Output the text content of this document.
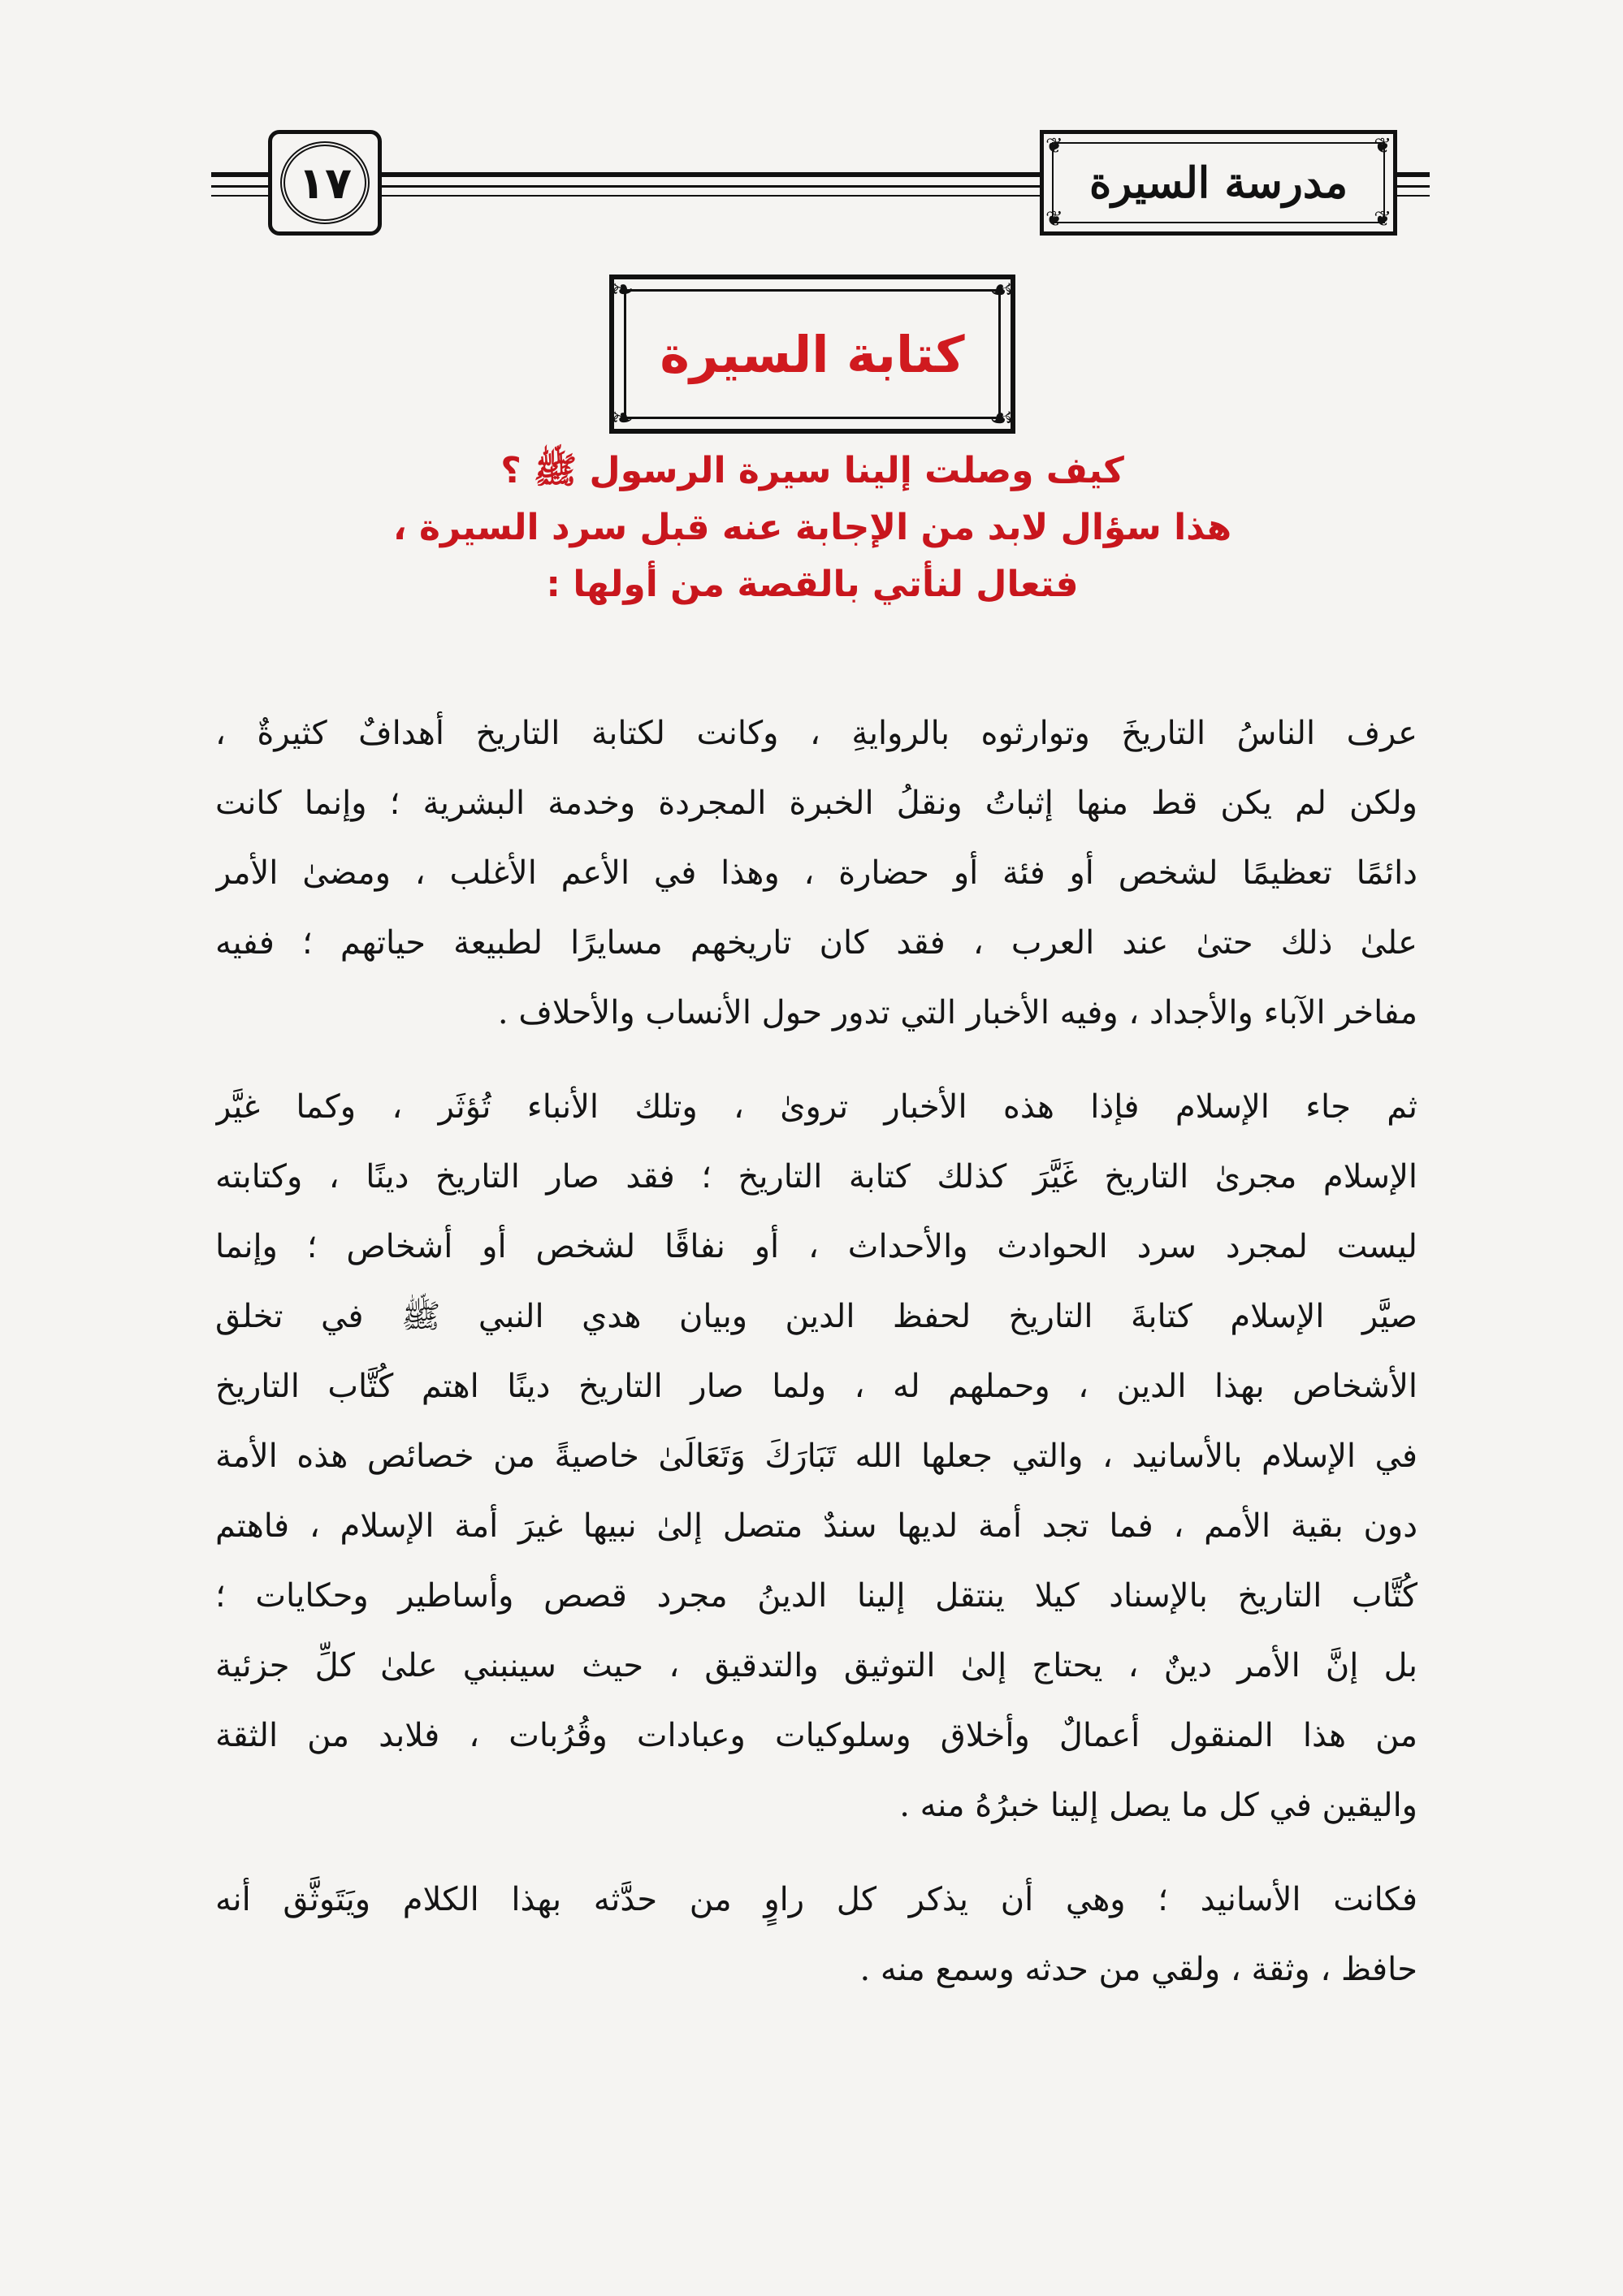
١٧
❦	❦
❦	❦
مدرسة السيرة
❧	☙
❧	☙
كتابة السيرة
كيف وصلت إلينا سيرة الرسول ﷺ ؟
هذا سؤال لابد من الإجابة عنه قبل سرد السيرة ،
فتعال لنأتي بالقصة من أولها :
عرف الناسُ التاريخَ وتوارثوه بالروايةِ ، وكانت لكتابة التاريخ أهدافٌ كثيرةٌ ،
ولكن لم يكن قط منها إثباتُ ونقلُ الخبرة المجردة وخدمة البشرية ؛ وإنما كانت
دائمًا تعظيمًا لشخص أو فئة أو حضارة ، وهذا في الأعم الأغلب ، ومضىٰ الأمر
علىٰ ذلك حتىٰ عند العرب ، فقد كان تاريخهم مسايرًا لطبيعة حياتهم ؛ ففيه
مفاخر الآباء والأجداد ، وفيه الأخبار التي تدور حول الأنساب والأحلاف .
ثم جاء الإسلام فإذا هذه الأخبار تروىٰ ، وتلك الأنباء تُؤثَر ، وكما غيَّر
الإسلام مجرىٰ التاريخ غَيَّرَ كذلك كتابة التاريخ ؛ فقد صار التاريخ دينًا ، وكتابته
ليست لمجرد سرد الحوادث والأحداث ، أو نفاقًا لشخص أو أشخاص ؛ وإنما
صيَّر الإسلام كتابةَ التاريخ لحفظ الدين وبيان هدي النبي ﷺ في تخلق
الأشخاص بهذا الدين ، وحملهم له ، ولما صار التاريخ دينًا اهتم كُتَّاب التاريخ
في الإسلام بالأسانيد ، والتي جعلها الله تَبَارَكَ وَتَعَالَىٰ خاصيةً من خصائص هذه الأمة
دون بقية الأمم ، فما تجد أمة لديها سندٌ متصل إلىٰ نبيها غيرَ أمة الإسلام ، فاهتم
كُتَّاب التاريخ بالإسناد كيلا ينتقل إلينا الدينُ مجرد قصص وأساطير وحكايات ؛
بل إنَّ الأمر دينٌ ، يحتاج إلىٰ التوثيق والتدقيق ، حيث سينبني علىٰ كلِّ جزئية
من هذا المنقول أعمالٌ وأخلاق وسلوكيات وعبادات وقُرُبات ، فلابد من الثقة
واليقين في كل ما يصل إلينا خبرُهُ منه .
فكانت الأسانيد ؛ وهي أن يذكر كل راوٍ من حدَّثه بهذا الكلام ويَتَوثَّق أنه
حافظ ، وثقة ، ولقي من حدثه وسمع منه .
